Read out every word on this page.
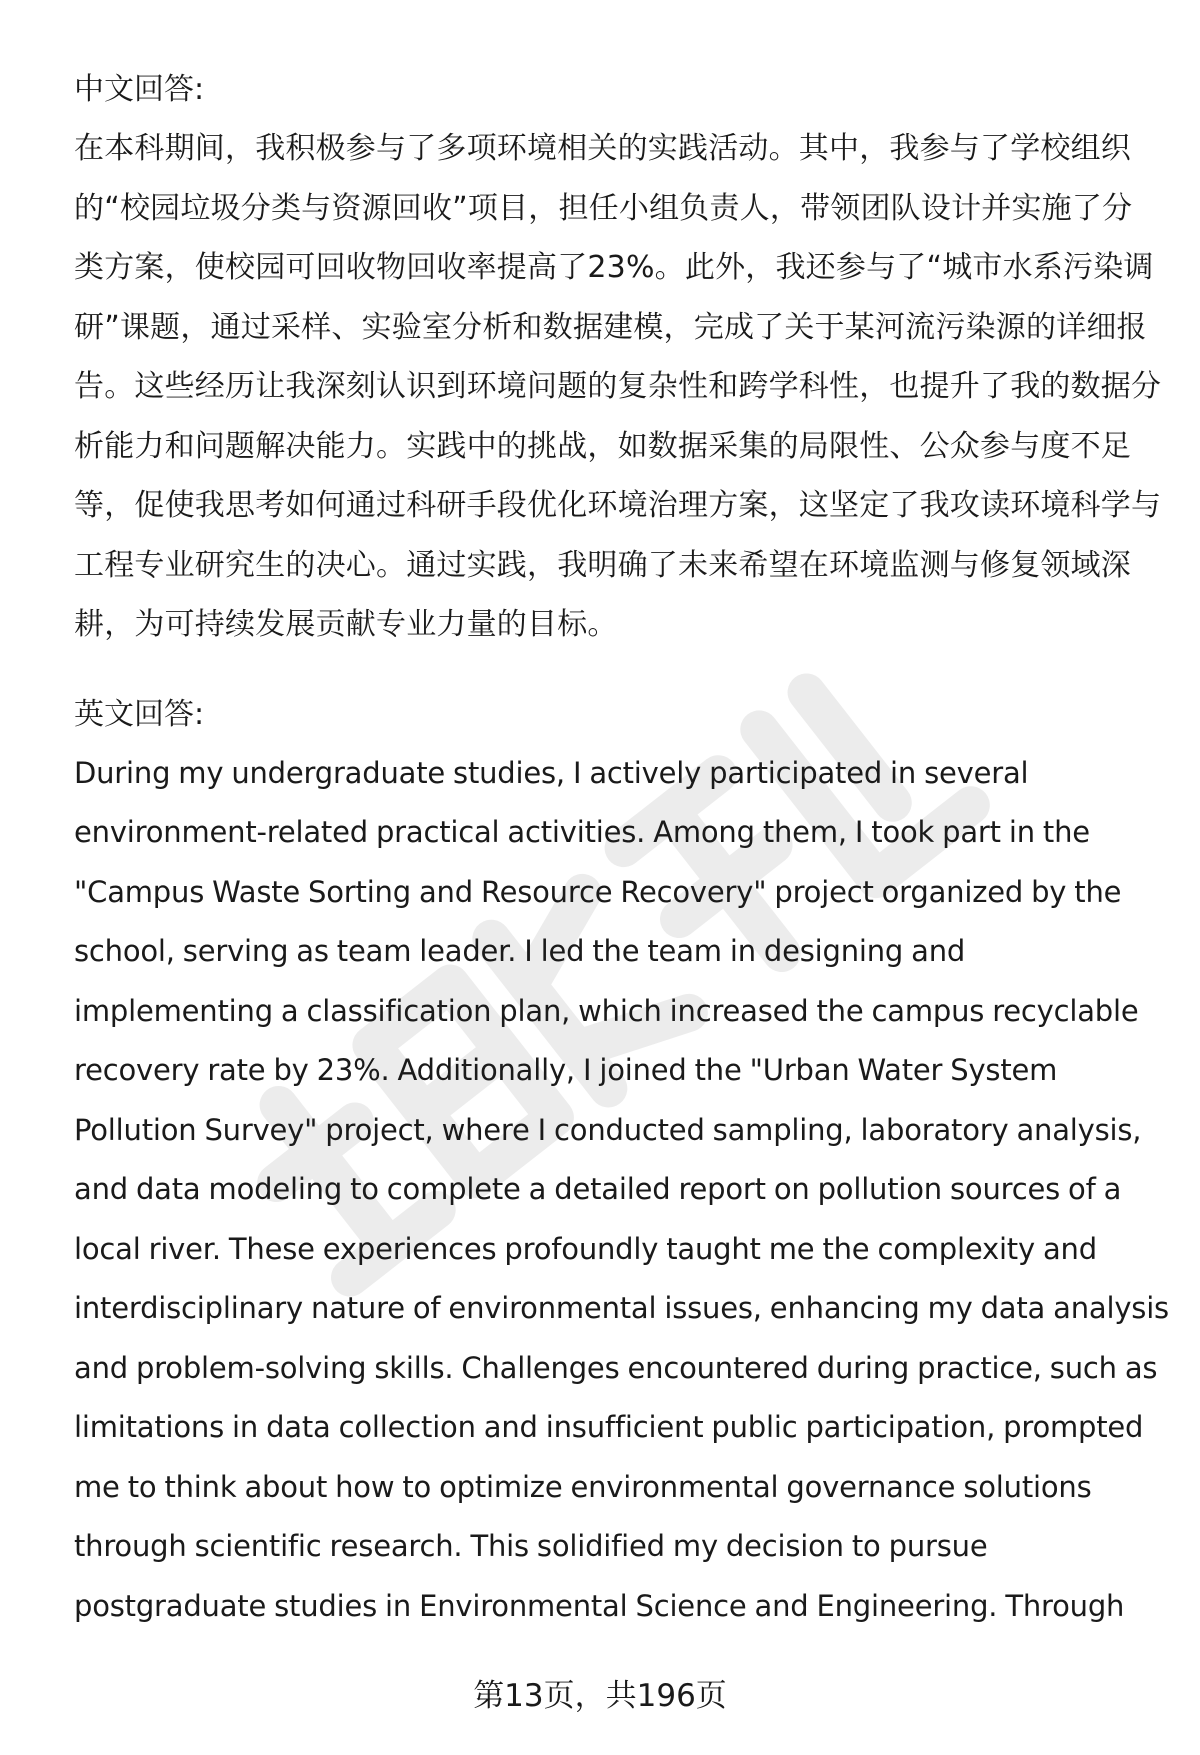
中文回答:

在本科期间，我积极参与了多项环境相关的实践活动。其中，我参与了学校组织
的“校园垃圾分类与资源回收”项目，担任小组负责人，带领团队设计并实施了分
类方案，使校园可回收物回收率提高了23%。此外，我还参与了“城市水系污染调
研”课题，通过采样、实验室分析和数据建模，完成了关于某河流污染源的详细报
告。这些经历让我深刻认识到环境问题的复杂性和跨学科性，也提升了我的数据分
析能力和问题解决能力。实践中的挑战，如数据采集的局限性、公众参与度不足
等，促使我思考如何通过科研手段优化环境治理方案，这坚定了我攻读环境科学与
工程专业研究生的决心。通过实践，我明确了未来希望在环境监测与修复领域深
耕，为可持续发展贡献专业力量的目标。

英文回答:

During my undergraduate studies, I actively participated in several
environment-related practical activities. Among them, I took part in the
"Campus Waste Sorting and Resource Recovery" project organized by the
school, serving as team leader. I led the team in designing and
implementing a classification plan, which increased the campus recyclable
recovery rate by 23%. Additionally, I joined the "Urban Water System
Pollution Survey" project, where I conducted sampling, laboratory analysis,
and data modeling to complete a detailed report on pollution sources of a
local river. These experiences profoundly taught me the complexity and
interdisciplinary nature of environmental issues, enhancing my data analysis
and problem-solving skills. Challenges encountered during practice, such as
limitations in data collection and insufficient public participation, prompted
me to think about how to optimize environmental governance solutions
through scientific research. This solidified my decision to pursue
postgraduate studies in Environmental Science and Engineering. Through

第13页，共196页
